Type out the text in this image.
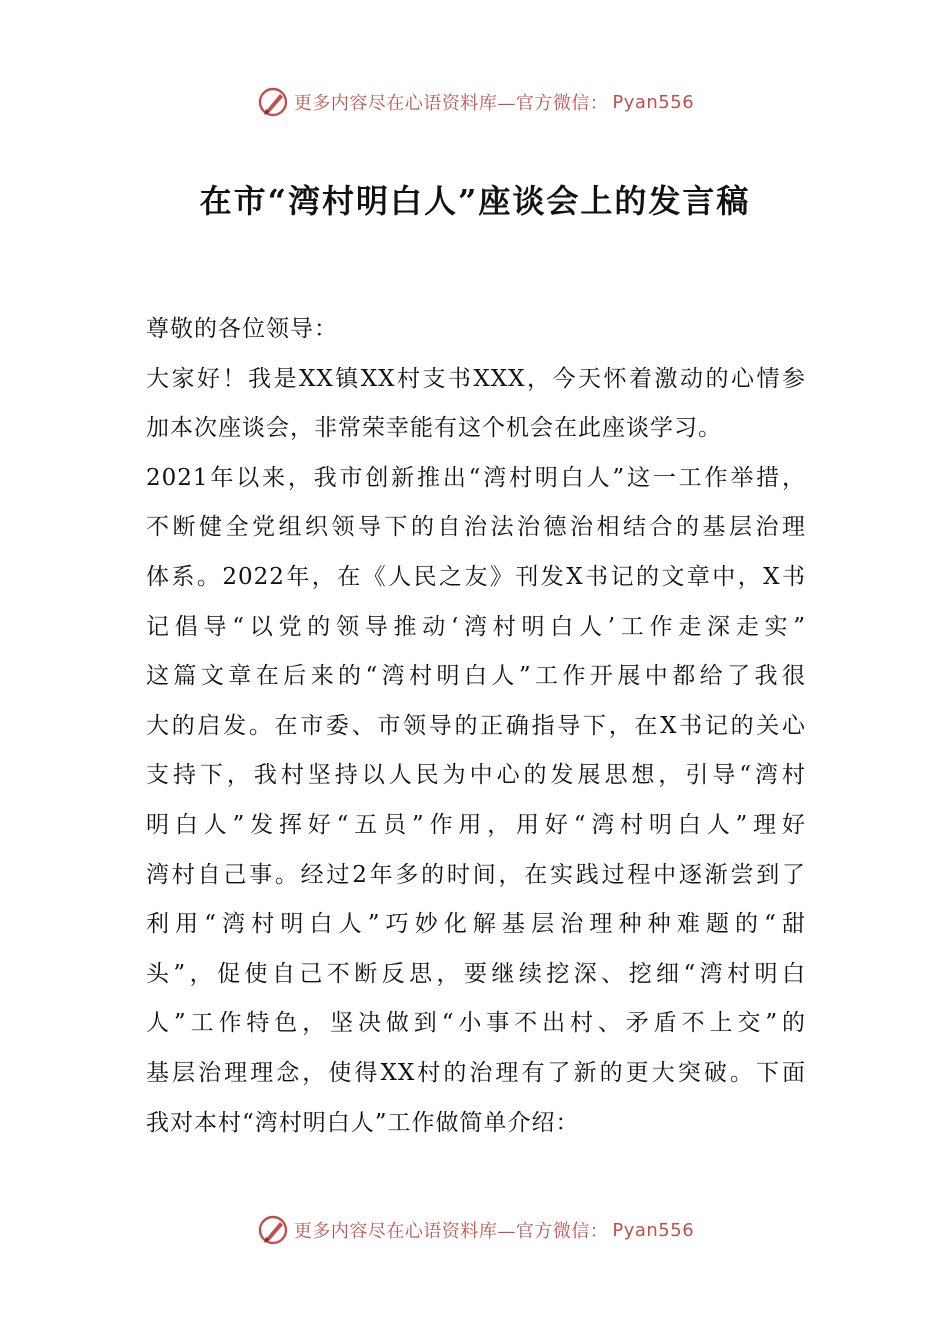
更多内容尽在心语资料库—官方微信： Pyan556
在市“湾村明白人”座谈会上的发言稿
尊敬的各位领导：
大家好！我是XX镇XX村支书XXX，今天怀着激动的心情参
加本次座谈会，非常荣幸能有这个机会在此座谈学习。
2021年以来，我市创新推出“湾村明白人”这一工作举措，
不断健全党组织领导下的自治法治德治相结合的基层治理
体系。2022年，在《人民之友》刊发X书记的文章中，X书
记倡导“以党的领导推动‘湾村明白人’工作走深走实”
这篇文章在后来的“湾村明白人”工作开展中都给了我很
大的启发。在市委、市领导的正确指导下，在X书记的关心
支持下，我村坚持以人民为中心的发展思想，引导“湾村
明白人”发挥好“五员”作用，用好“湾村明白人”理好
湾村自己事。经过2年多的时间，在实践过程中逐渐尝到了
利用“湾村明白人”巧妙化解基层治理种种难题的“甜
头”，促使自己不断反思，要继续挖深、挖细“湾村明白
人”工作特色，坚决做到“小事不出村、矛盾不上交”的
基层治理理念，使得XX村的治理有了新的更大突破。下面
我对本村“湾村明白人”工作做简单介绍：
更多内容尽在心语资料库—官方微信： Pyan556
